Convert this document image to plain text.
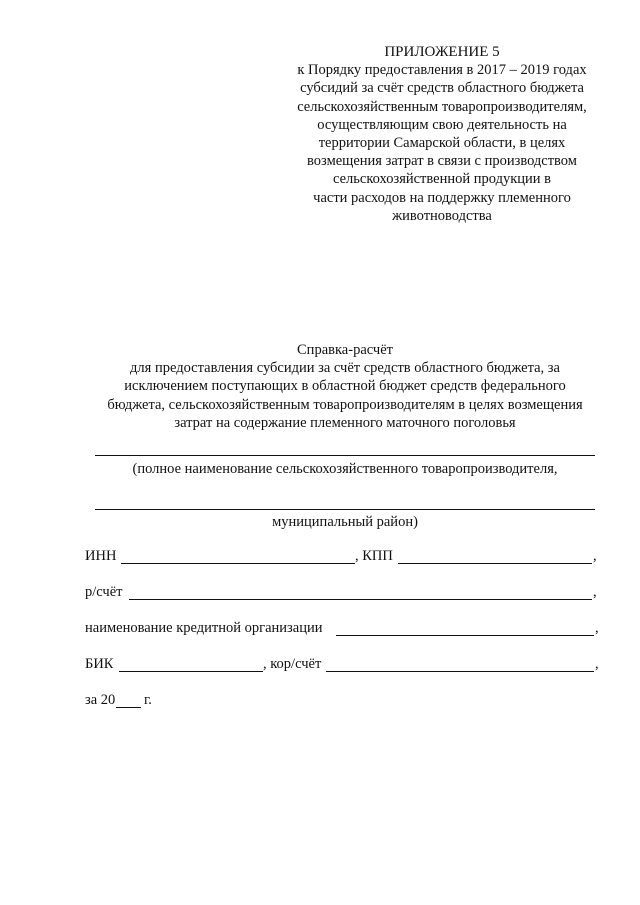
ПРИЛОЖЕНИЕ 5
к Порядку предоставления в 2017 – 2019 годах
субсидий за счёт средств областного бюджета
сельскохозяйственным товаропроизводителям,
осуществляющим свою деятельность на
территории Самарской области, в целях
возмещения затрат в связи с производством
сельскохозяйственной продукции в
части расходов на поддержку племенного
животноводства
Справка-расчёт
для предоставления субсидии за счёт средств областного бюджета, за
исключением поступающих в областной бюджет средств федерального
бюджета, сельскохозяйственным товаропроизводителям в целях возмещения
затрат на содержание племенного маточного поголовья
(полное наименование сельскохозяйственного товаропроизводителя,
муниципальный район)
ИНН	, КПП	,
р/счёт	,
наименование кредитной организации	,
БИК	, кор/счёт	,
за 20 г.
